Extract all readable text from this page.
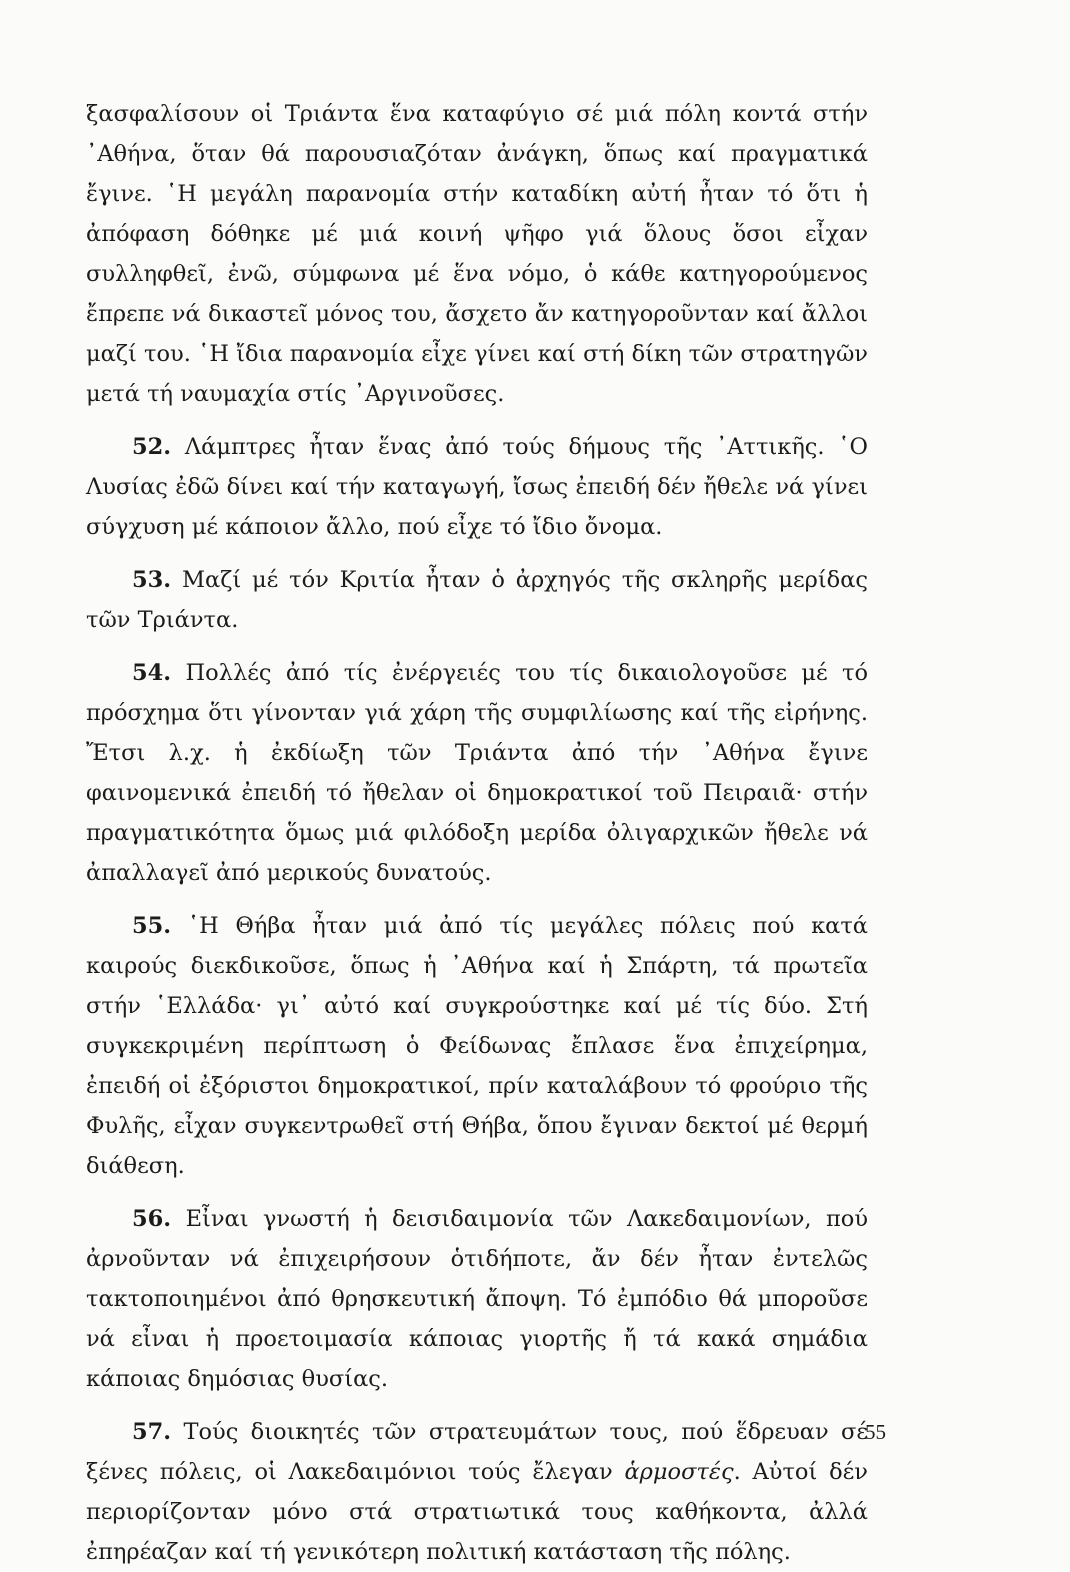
ξασφαλίσουν οἱ Τριάντα ἕνα καταφύγιο σέ μιά πόλη κοντά στήν ᾿Αθήνα, ὅταν θά παρουσιαζόταν ἀνάγκη, ὅπως καί πραγματικά ἔγινε. ῾Η μεγάλη παρανομία στήν καταδίκη αὐτή ἦταν τό ὅτι ἡ ἀπόφαση δόθηκε μέ μιά κοινή ψῆφο γιά ὅλους ὅσοι εἶχαν συλληφθεῖ, ἐνῶ, σύμφωνα μέ ἕνα νόμο, ὁ κάθε κατηγορούμενος ἔπρεπε νά δικαστεῖ μόνος του, ἄσχετο ἄν κατηγοροῦνταν καί ἄλλοι μαζί του. ῾Η ἴδια παρανομία εἶχε γίνει καί στή δίκη τῶν στρατηγῶν μετά τή ναυμαχία στίς ᾿Αργινοῦσες.

52. Λάμπτρες ἦταν ἕνας ἀπό τούς δήμους τῆς ᾿Αττικῆς. ῾Ο Λυσίας ἐδῶ δίνει καί τήν καταγωγή, ἴσως ἐπειδή δέν ἤθελε νά γίνει σύγχυση μέ κάποιον ἄλλο, πού εἶχε τό ἴδιο ὄνομα.

53. Μαζί μέ τόν Κριτία ἦταν ὁ ἀρχηγός τῆς σκληρῆς μερίδας τῶν Τριάντα.

54. Πολλές ἀπό τίς ἐνέργειές του τίς δικαιολογοῦσε μέ τό πρόσχημα ὅτι γίνονταν γιά χάρη τῆς συμφιλίωσης καί τῆς εἰρήνης. Ἔτσι λ.χ. ἡ ἐκδίωξη τῶν Τριάντα ἀπό τήν ᾿Αθήνα ἔγινε φαινομενικά ἐπειδή τό ἤθελαν οἱ δημοκρατικοί τοῦ Πειραιᾶ· στήν πραγματικότητα ὅμως μιά φιλόδοξη μερίδα ὀλιγαρχικῶν ἤθελε νά ἀπαλλαγεῖ ἀπό μερικούς δυνατούς.

55. ῾Η Θήβα ἦταν μιά ἀπό τίς μεγάλες πόλεις πού κατά καιρούς διεκδικοῦσε, ὅπως ἡ ᾿Αθήνα καί ἡ Σπάρτη, τά πρωτεῖα στήν ῾Ελλάδα· γι᾿ αὐτό καί συγκρούστηκε καί μέ τίς δύο. Στή συγκεκριμένη περίπτωση ὁ Φείδωνας ἔπλασε ἕνα ἐπιχείρημα, ἐπειδή οἱ ἐξόριστοι δημοκρατικοί, πρίν καταλάβουν τό φρούριο τῆς Φυλῆς, εἶχαν συγκεντρωθεῖ στή Θήβα, ὅπου ἔγιναν δεκτοί μέ θερμή διάθεση.

56. Εἶναι γνωστή ἡ δεισιδαιμονία τῶν Λακεδαιμονίων, πού ἀρνοῦνταν νά ἐπιχειρήσουν ὁτιδήποτε, ἄν δέν ἦταν ἐντελῶς τακτοποιημένοι ἀπό θρησκευτική ἄποψη. Τό ἐμπόδιο θά μποροῦσε νά εἶναι ἡ προετοιμασία κάποιας γιορτῆς ἤ τά κακά σημάδια κάποιας δημόσιας θυσίας.

57. Τούς διοικητές τῶν στρατευμάτων τους, πού ἕδρευαν σέ ξένες πόλεις, οἱ Λακεδαιμόνιοι τούς ἔλεγαν ἁρμοστές. Αὐτοί δέν περιορίζονταν μόνο στά στρατιωτικά τους καθήκοντα, ἀλλά ἐπηρέαζαν καί τή γενικότερη πολιτική κατάσταση τῆς πόλης.

55
